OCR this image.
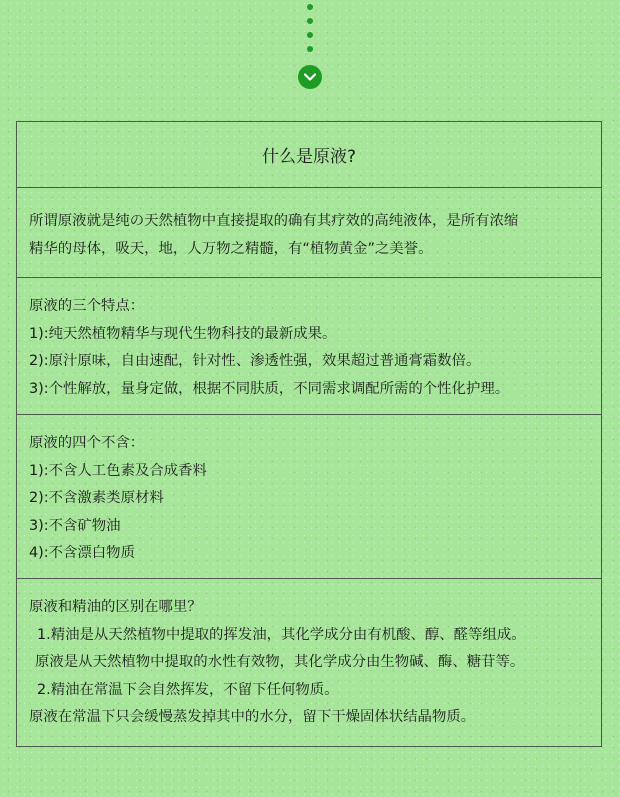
什么是原液?
所谓原液就是纯の天然植物中直接提取的确有其疗效的高纯液体，是所有浓缩
精华的母体，吸天，地，人万物之精髓，有“植物黄金”之美誉。
原液的三个特点：
1):纯天然植物精华与现代生物科技的最新成果。
2):原汁原味，自由速配，针对性、渗透性强，效果超过普通膏霜数倍。
3):个性解放，量身定做，根据不同肤质，不同需求调配所需的个性化护理。
原液的四个不含：
1):不含人工色素及合成香料
2):不含激素类原材料
3):不含矿物油
4):不含漂白物质
原液和精油的区别在哪里？
1.精油是从天然植物中提取的挥发油，其化学成分由有机酸、醇、醛等组成。
原液是从天然植物中提取的水性有效物，其化学成分由生物碱、酶、糖苷等。
2.精油在常温下会自然挥发，不留下任何物质。
原液在常温下只会缓慢蒸发掉其中的水分，留下干燥固体状结晶物质。
